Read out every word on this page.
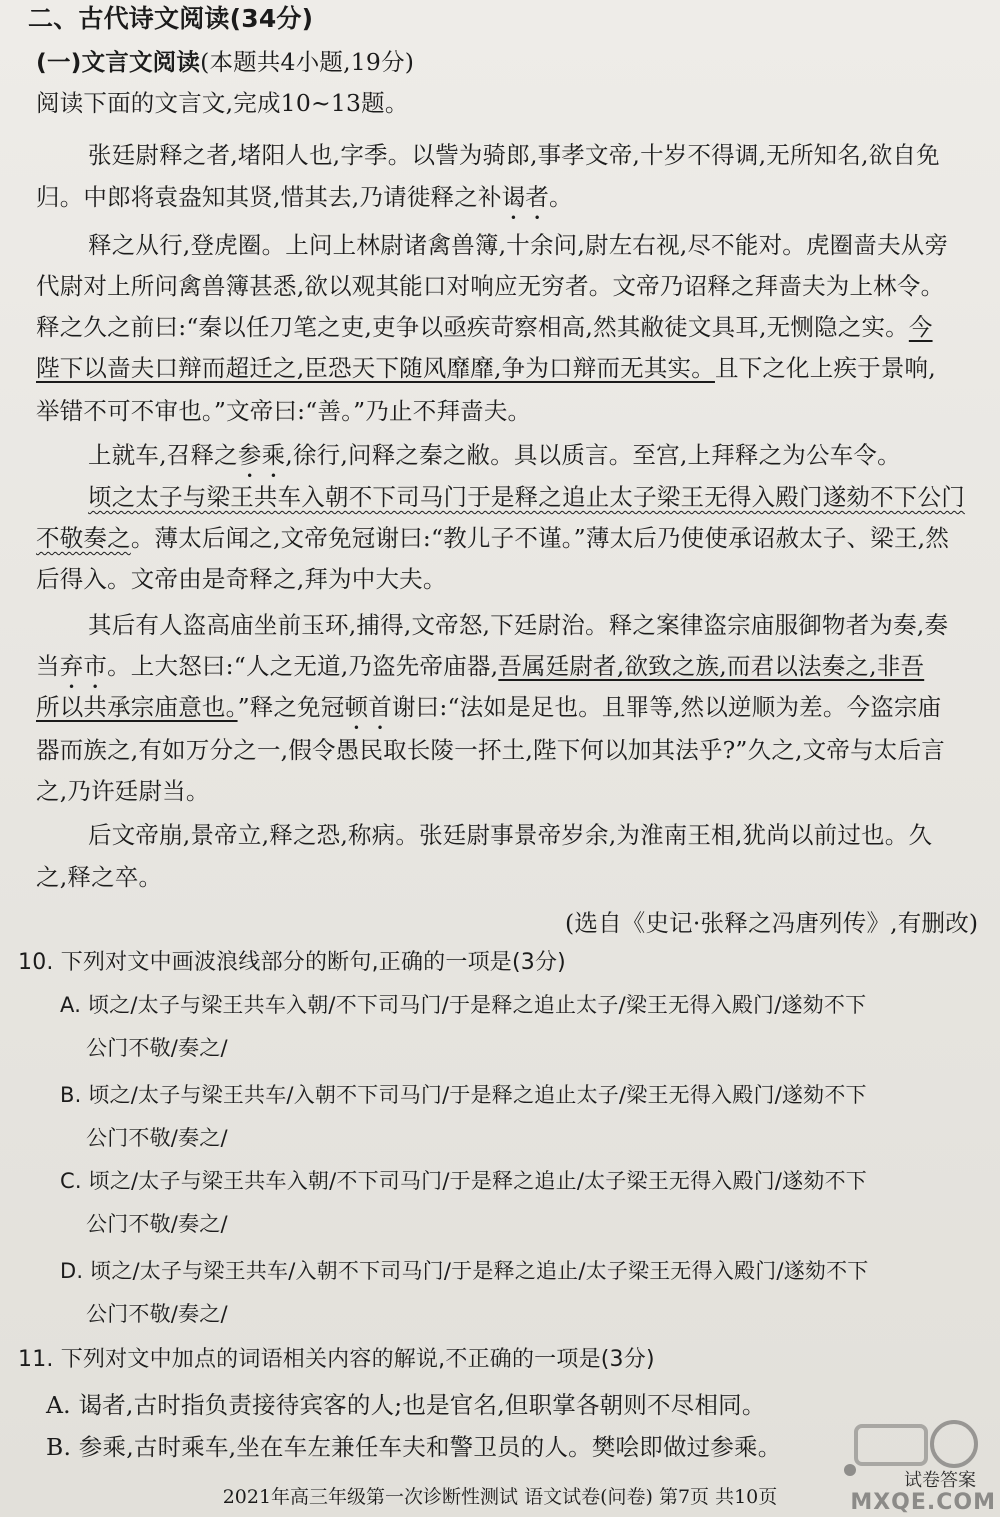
二、古代诗文阅读(34分)
(一)文言文阅读(本题共4小题,19分)
阅读下面的文言文,完成10~13题。
张廷尉释之者,堵阳人也,字季。以訾为骑郎,事孝文帝,十岁不得调,无所知名,欲自免
归。中郎将袁盎知其贤,惜其去,乃请徙释之补谒者。
释之从行,登虎圈。上问上林尉诸禽兽簿,十余问,尉左右视,尽不能对。虎圈啬夫从旁
代尉对上所问禽兽簿甚悉,欲以观其能口对响应无穷者。文帝乃诏释之拜啬夫为上林令。
释之久之前曰:“秦以任刀笔之吏,吏争以亟疾苛察相高,然其敝徒文具耳,无恻隐之实。今
陛下以啬夫口辩而超迁之,臣恐天下随风靡靡,争为口辩而无其实。且下之化上疾于景响,
举错不可不审也。”文帝曰:“善。”乃止不拜啬夫。
上就车,召释之参乘,徐行,问释之秦之敝。具以质言。至宫,上拜释之为公车令。
顷之太子与梁王共车入朝不下司马门于是释之追止太子梁王无得入殿门遂劾不下公门
不敬奏之。薄太后闻之,文帝免冠谢曰:“教儿子不谨。”薄太后乃使使承诏赦太子、梁王,然
后得入。文帝由是奇释之,拜为中大夫。
其后有人盗高庙坐前玉环,捕得,文帝怒,下廷尉治。释之案律盗宗庙服御物者为奏,奏
当弃市。上大怒曰:“人之无道,乃盗先帝庙器,吾属廷尉者,欲致之族,而君以法奏之,非吾
所以共承宗庙意也。”释之免冠顿首谢曰:“法如是足也。且罪等,然以逆顺为差。今盗宗庙
器而族之,有如万分之一,假令愚民取长陵一抔土,陛下何以加其法乎?”久之,文帝与太后言
之,乃许廷尉当。
后文帝崩,景帝立,释之恐,称病。张廷尉事景帝岁余,为淮南王相,犹尚以前过也。久
之,释之卒。
(选自《史记·张释之冯唐列传》,有删改)
10. 下列对文中画波浪线部分的断句,正确的一项是(3分)
A. 顷之/太子与梁王共车入朝/不下司马门/于是释之追止太子/梁王无得入殿门/遂劾不下
公门不敬/奏之/
B. 顷之/太子与梁王共车/入朝不下司马门/于是释之追止太子/梁王无得入殿门/遂劾不下
公门不敬/奏之/
C. 顷之/太子与梁王共车入朝/不下司马门/于是释之追止/太子梁王无得入殿门/遂劾不下
公门不敬/奏之/
D. 顷之/太子与梁王共车/入朝不下司马门/于是释之追止/太子梁王无得入殿门/遂劾不下
公门不敬/奏之/
11. 下列对文中加点的词语相关内容的解说,不正确的一项是(3分)
A. 谒者,古时指负责接待宾客的人;也是官名,但职掌各朝则不尽相同。
B. 参乘,古时乘车,坐在车左兼任车夫和警卫员的人。樊哙即做过参乘。
2021年高三年级第一次诊断性测试 语文试卷(问卷) 第7页 共10页
试卷答案
MXQE.COM
